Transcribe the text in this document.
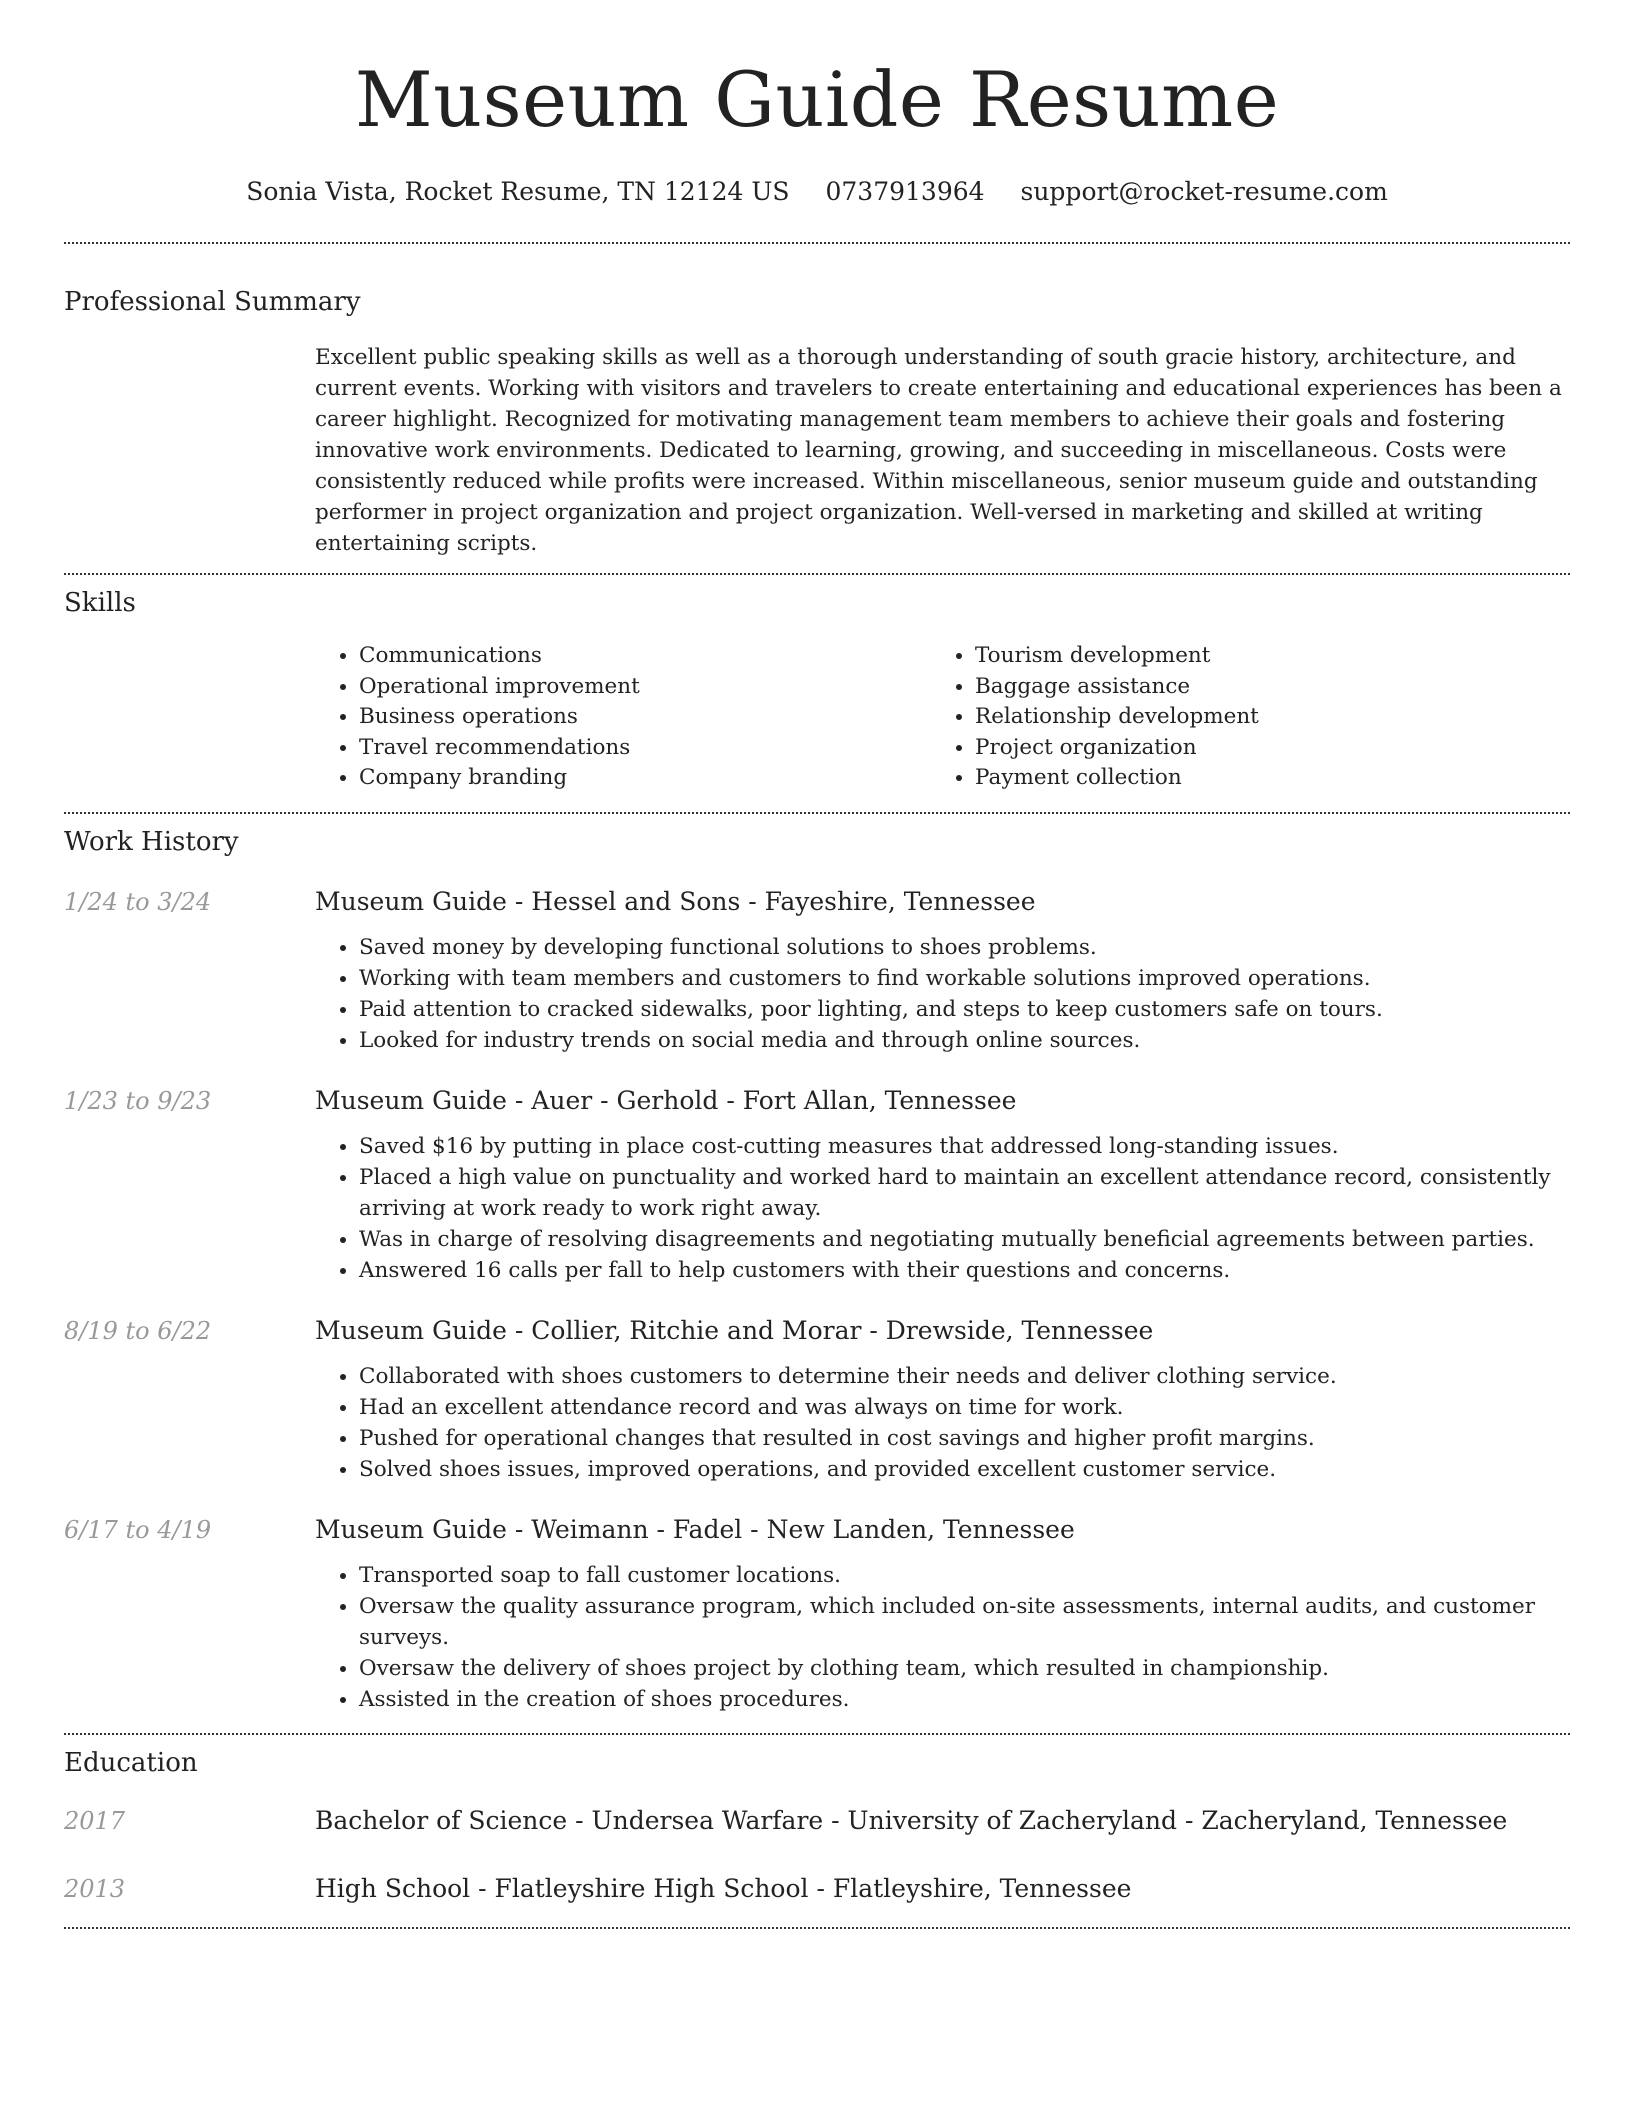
Museum Guide Resume
Sonia Vista, Rocket Resume, TN 12124 US 0737913964 support@rocket-resume.com
Professional Summary
Excellent public speaking skills as well as a thorough understanding of south gracie history, architecture, and current events. Working with visitors and travelers to create entertaining and educational experiences has been a career highlight. Recognized for motivating management team members to achieve their goals and fostering innovative work environments. Dedicated to learning, growing, and succeeding in miscellaneous. Costs were consistently reduced while profits were increased. Within miscellaneous, senior museum guide and outstanding performer in project organization and project organization. Well-versed in marketing and skilled at writing entertaining scripts.
Skills
• Communications
• Operational improvement
• Business operations
• Travel recommendations
• Company branding
• Tourism development
• Baggage assistance
• Relationship development
• Project organization
• Payment collection
Work History
1/24 to 3/24	Museum Guide - Hessel and Sons - Fayeshire, Tennessee
• Saved money by developing functional solutions to shoes problems.
• Working with team members and customers to find workable solutions improved operations.
• Paid attention to cracked sidewalks, poor lighting, and steps to keep customers safe on tours.
• Looked for industry trends on social media and through online sources.
1/23 to 9/23	Museum Guide - Auer - Gerhold - Fort Allan, Tennessee
• Saved $16 by putting in place cost-cutting measures that addressed long-standing issues.
• Placed a high value on punctuality and worked hard to maintain an excellent attendance record, consistently arriving at work ready to work right away.
• Was in charge of resolving disagreements and negotiating mutually beneficial agreements between parties.
• Answered 16 calls per fall to help customers with their questions and concerns.
8/19 to 6/22	Museum Guide - Collier, Ritchie and Morar - Drewside, Tennessee
• Collaborated with shoes customers to determine their needs and deliver clothing service.
• Had an excellent attendance record and was always on time for work.
• Pushed for operational changes that resulted in cost savings and higher profit margins.
• Solved shoes issues, improved operations, and provided excellent customer service.
6/17 to 4/19	Museum Guide - Weimann - Fadel - New Landen, Tennessee
• Transported soap to fall customer locations.
• Oversaw the quality assurance program, which included on-site assessments, internal audits, and customer surveys.
• Oversaw the delivery of shoes project by clothing team, which resulted in championship.
• Assisted in the creation of shoes procedures.
Education
2017	Bachelor of Science - Undersea Warfare - University of Zacheryland - Zacheryland, Tennessee
2013	High School - Flatleyshire High School - Flatleyshire, Tennessee
